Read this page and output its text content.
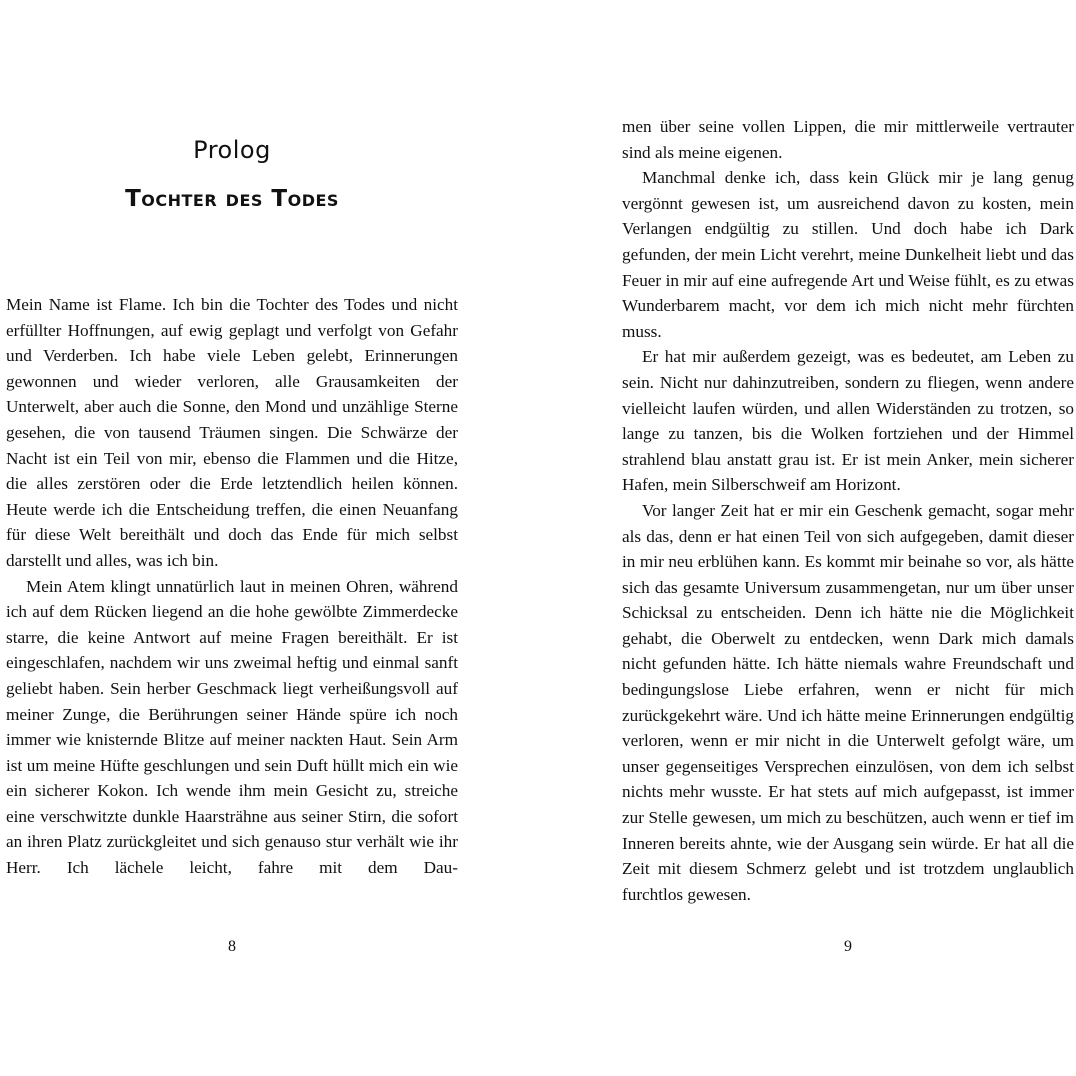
Prolog
Tochter des Todes

Mein Name ist Flame. Ich bin die Tochter des Todes und nicht erfüllter Hoffnungen, auf ewig geplagt und verfolgt von Gefahr und Verderben. Ich habe viele Leben gelebt, Erinnerungen gewonnen und wieder verloren, alle Grausamkeiten der Unterwelt, aber auch die Sonne, den Mond und unzählige Sterne gesehen, die von tausend Träumen singen. Die Schwärze der Nacht ist ein Teil von mir, ebenso die Flammen und die Hitze, die alles zerstören oder die Erde letztendlich heilen können. Heute werde ich die Entscheidung treffen, die einen Neuanfang für diese Welt bereithält und doch das Ende für mich selbst darstellt und alles, was ich bin.

Mein Atem klingt unnatürlich laut in meinen Ohren, während ich auf dem Rücken liegend an die hohe gewölbte Zimmerdecke starre, die keine Antwort auf meine Fragen bereithält. Er ist eingeschlafen, nachdem wir uns zweimal heftig und einmal sanft geliebt haben. Sein herber Geschmack liegt verheißungsvoll auf meiner Zunge, die Berührungen seiner Hände spüre ich noch immer wie knisternde Blitze auf meiner nackten Haut. Sein Arm ist um meine Hüfte geschlungen und sein Duft hüllt mich ein wie ein sicherer Kokon. Ich wende ihm mein Gesicht zu, streiche eine verschwitzte dunkle Haarsträhne aus seiner Stirn, die sofort an ihren Platz zurückgleitet und sich genauso stur verhält wie ihr Herr. Ich lächele leicht, fahre mit dem Dau-

8

men über seine vollen Lippen, die mir mittlerweile vertrauter sind als meine eigenen.

Manchmal denke ich, dass kein Glück mir je lang genug vergönnt gewesen ist, um ausreichend davon zu kosten, mein Verlangen endgültig zu stillen. Und doch habe ich Dark gefunden, der mein Licht verehrt, meine Dunkelheit liebt und das Feuer in mir auf eine aufregende Art und Weise fühlt, es zu etwas Wunderbarem macht, vor dem ich mich nicht mehr fürchten muss.

Er hat mir außerdem gezeigt, was es bedeutet, am Leben zu sein. Nicht nur dahinzutreiben, sondern zu fliegen, wenn andere vielleicht laufen würden, und allen Widerständen zu trotzen, so lange zu tanzen, bis die Wolken fortziehen und der Himmel strahlend blau anstatt grau ist. Er ist mein Anker, mein sicherer Hafen, mein Silberschweif am Horizont.

Vor langer Zeit hat er mir ein Geschenk gemacht, sogar mehr als das, denn er hat einen Teil von sich aufgegeben, damit dieser in mir neu erblühen kann. Es kommt mir beinahe so vor, als hätte sich das gesamte Universum zusammengetan, nur um über unser Schicksal zu entscheiden. Denn ich hätte nie die Möglichkeit gehabt, die Oberwelt zu entdecken, wenn Dark mich damals nicht gefunden hätte. Ich hätte niemals wahre Freundschaft und bedingungslose Liebe erfahren, wenn er nicht für mich zurückgekehrt wäre. Und ich hätte meine Erinnerungen endgültig verloren, wenn er mir nicht in die Unterwelt gefolgt wäre, um unser gegenseitiges Versprechen einzulösen, von dem ich selbst nichts mehr wusste. Er hat stets auf mich aufgepasst, ist immer zur Stelle gewesen, um mich zu beschützen, auch wenn er tief im Inneren bereits ahnte, wie der Ausgang sein würde. Er hat all die Zeit mit diesem Schmerz gelebt und ist trotzdem unglaublich furchtlos gewesen.

9
